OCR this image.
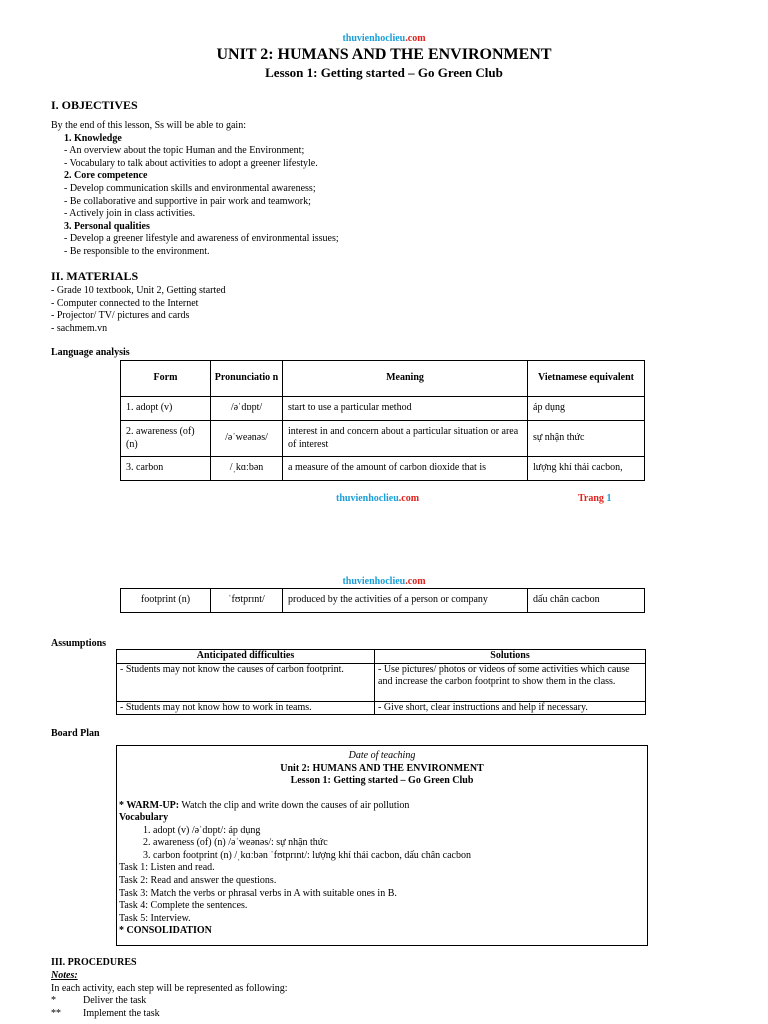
thuvienhoclieu.com
UNIT 2: HUMANS AND THE ENVIRONMENT
Lesson 1: Getting started – Go Green Club
I. OBJECTIVES
By the end of this lesson, Ss will be able to gain:
1. Knowledge
- An overview about the topic Human and the Environment;
- Vocabulary to talk about activities to adopt a greener lifestyle.
2. Core competence
- Develop communication skills and environmental awareness;
- Be collaborative and supportive in pair work and teamwork;
- Actively join in class activities.
3. Personal qualities
- Develop a greener lifestyle and awareness of environmental issues;
- Be responsible to the environment.
II. MATERIALS
- Grade 10 textbook, Unit 2, Getting started
- Computer connected to the Internet
- Projector/ TV/ pictures and cards
- sachmem.vn
Language analysis
Form	Pronunciatio n	Meaning	Vietnamese equivalent
1. adopt (v)	/əˈdɒpt/	start to use a particular method	áp dụng
2. awareness (of) (n)	/əˈweənəs/	interest in and concern about a particular situation or area of interest	sự nhận thức
3. carbon	/ˌkɑːbən	a measure of the amount of carbon dioxide that is	lượng khí thải cacbon,
thuvienhoclieu.com	Trang 1
thuvienhoclieu.com
footprint (n)	ˈfʊtprɪnt/	produced by the activities of a person or company	dấu chân cacbon
Assumptions
Anticipated difficulties	Solutions
- Students may not know the causes of carbon footprint.	- Use pictures/ photos or videos of some activities which cause and increase the carbon footprint to show them in the class.
- Students may not know how to work in teams.	- Give short, clear instructions and help if necessary.
Board Plan
Date of teaching
Unit 2: HUMANS AND THE ENVIRONMENT
Lesson 1: Getting started – Go Green Club
* WARM-UP: Watch the clip and write down the causes of air pollution
Vocabulary
1. adopt (v) /əˈdɒpt/: áp dụng
2. awareness (of) (n) /əˈweənəs/: sự nhận thức
3. carbon footprint (n) /ˌkɑːbən ˈfʊtprɪnt/: lượng khí thải cacbon, dấu chân cacbon
Task 1: Listen and read.
Task 2: Read and answer the questions.
Task 3: Match the verbs or phrasal verbs in A with suitable ones in B.
Task 4: Complete the sentences.
Task 5: Interview.
* CONSOLIDATION
III. PROCEDURES
Notes:
In each activity, each step will be represented as following:
*	Deliver the task
** Implement the task
